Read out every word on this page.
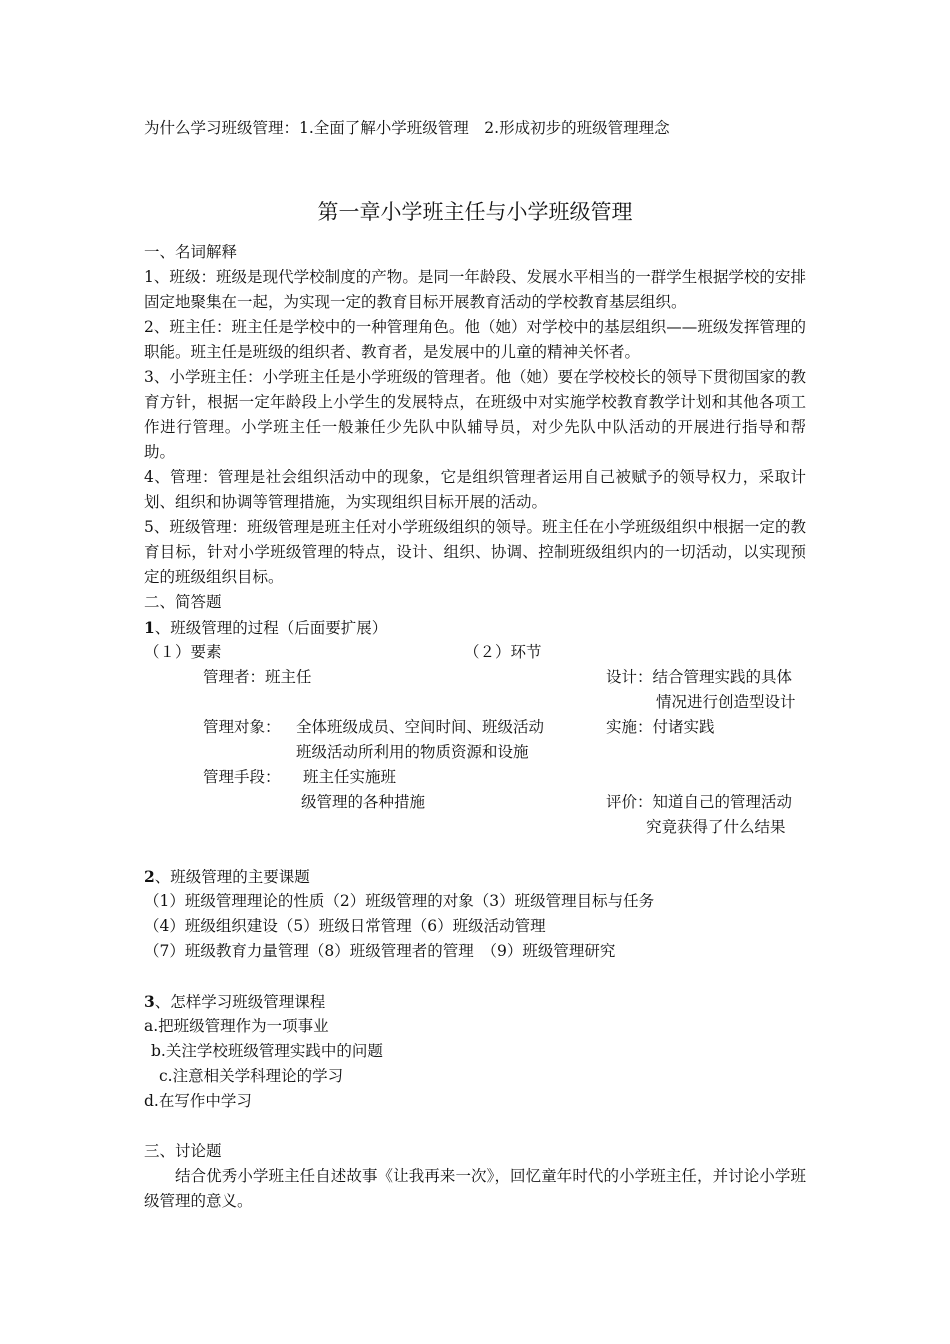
为什么学习班级管理：1.全面了解小学班级管理　2.形成初步的班级管理理念
第一章小学班主任与小学班级管理
一、名词解释
1、班级：班级是现代学校制度的产物。是同一年龄段、发展水平相当的一群学生根据学校的安排固定地聚集在一起，为实现一定的教育目标开展教育活动的学校教育基层组织。
2、班主任：班主任是学校中的一种管理角色。他（她）对学校中的基层组织——班级发挥管理的职能。班主任是班级的组织者、教育者，是发展中的儿童的精神关怀者。
3、小学班主任：小学班主任是小学班级的管理者。他（她）要在学校校长的领导下贯彻国家的教育方针，根据一定年龄段上小学生的发展特点，在班级中对实施学校教育教学计划和其他各项工作进行管理。小学班主任一般兼任少先队中队辅导员，对少先队中队活动的开展进行指导和帮助。
4、管理：管理是社会组织活动中的现象，它是组织管理者运用自己被赋予的领导权力，采取计划、组织和协调等管理措施，为实现组织目标开展的活动。
5、班级管理：班级管理是班主任对小学班级组织的领导。班主任在小学班级组织中根据一定的教育目标，针对小学班级管理的特点，设计、组织、协调、控制班级组织内的一切活动，以实现预定的班级组织目标。
二、简答题
1、班级管理的过程（后面要扩展）
（１）要素	（２）环节
管理者：班主任
管理对象： 全体班级成员、空间时间、班级活动
班级活动所利用的物质资源和设施
管理手段： 班主任实施班
级管理的各种措施
设计：结合管理实践的具体
情况进行创造型设计
实施：付诸实践
评价：知道自己的管理活动
究竟获得了什么结果
2、班级管理的主要课题
（1）班级管理理论的性质（2）班级管理的对象（3）班级管理目标与任务
（4）班级组织建设（5）班级日常管理（6）班级活动管理
（7）班级教育力量管理（8）班级管理者的管理　（9）班级管理研究
3、怎样学习班级管理课程
a.把班级管理作为一项事业
b.关注学校班级管理实践中的问题
c.注意相关学科理论的学习
d.在写作中学习
三、讨论题
结合优秀小学班主任自述故事《让我再来一次》，回忆童年时代的小学班主任，并讨论小学班级管理的意义。
